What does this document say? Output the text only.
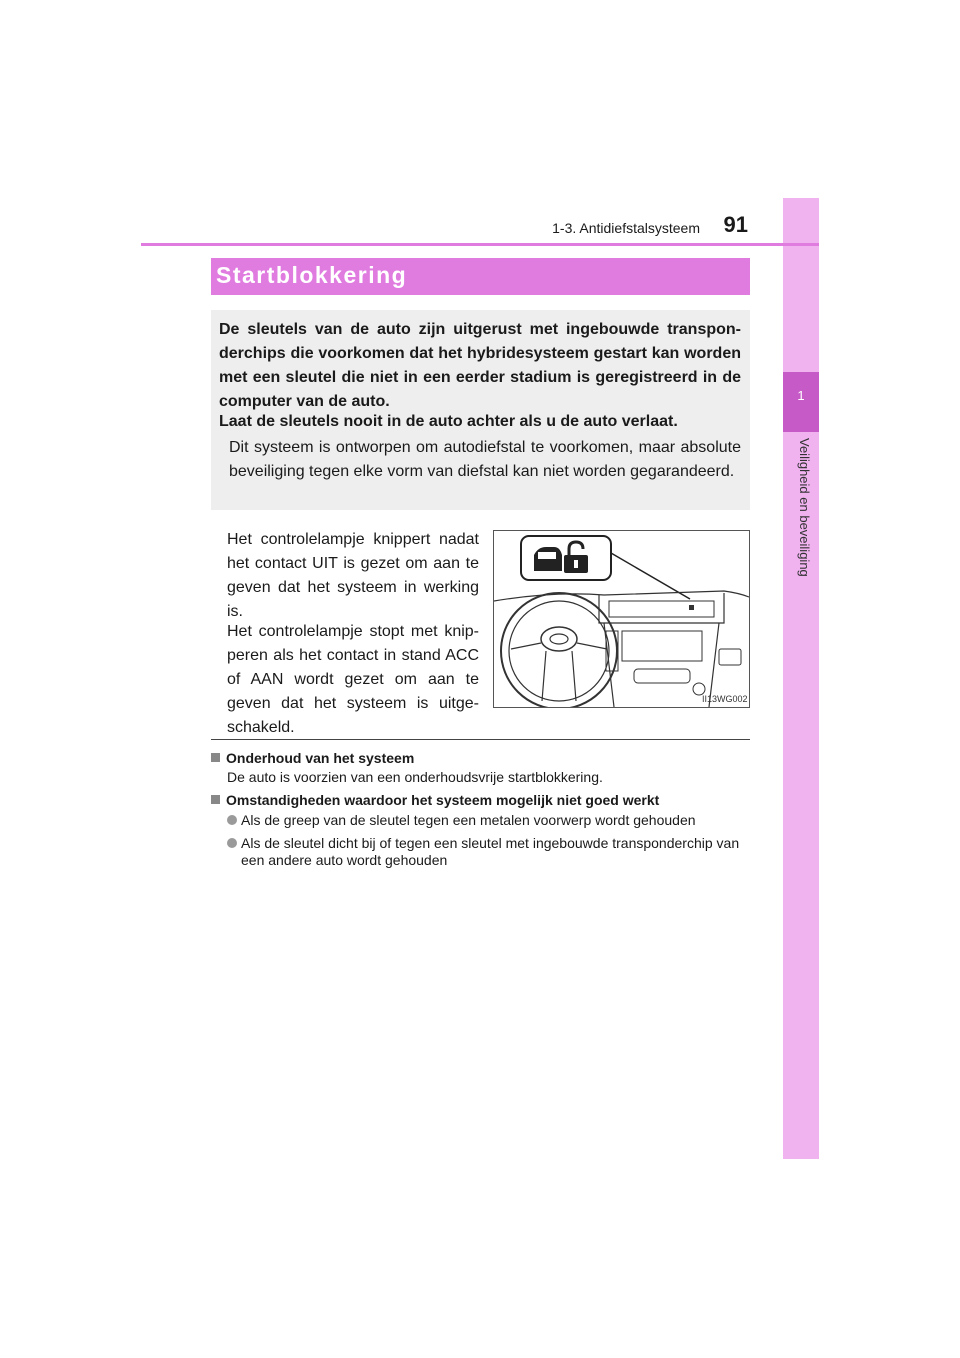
1
Veiligheid en beveiliging
1-3. Antidiefstalsysteem	91
Startblokkering
De sleutels van de auto zijn uitgerust met ingebouwde transponderchips die voorkomen dat het hybridesysteem gestart kan worden met een sleutel die niet in een eerder stadium is geregistreerd in de computer van de auto.
Laat de sleutels nooit in de auto achter als u de auto verlaat.
Dit systeem is ontworpen om autodiefstal te voorkomen, maar absolute beveiliging tegen elke vorm van diefstal kan niet worden gegarandeerd.
Het controlelampje knippert nadat het contact UIT is gezet om aan te geven dat het systeem in werking is.
Het controlelampje stopt met knipperen als het contact in stand ACC of AAN wordt gezet om aan te geven dat het systeem is uitgeschakeld.
II13WG002
Onderhoud van het systeem
De auto is voorzien van een onderhoudsvrije startblokkering.
Omstandigheden waardoor het systeem mogelijk niet goed werkt
Als de greep van de sleutel tegen een metalen voorwerp wordt gehouden
Als de sleutel dicht bij of tegen een sleutel met ingebouwde transponderchip van een andere auto wordt gehouden
